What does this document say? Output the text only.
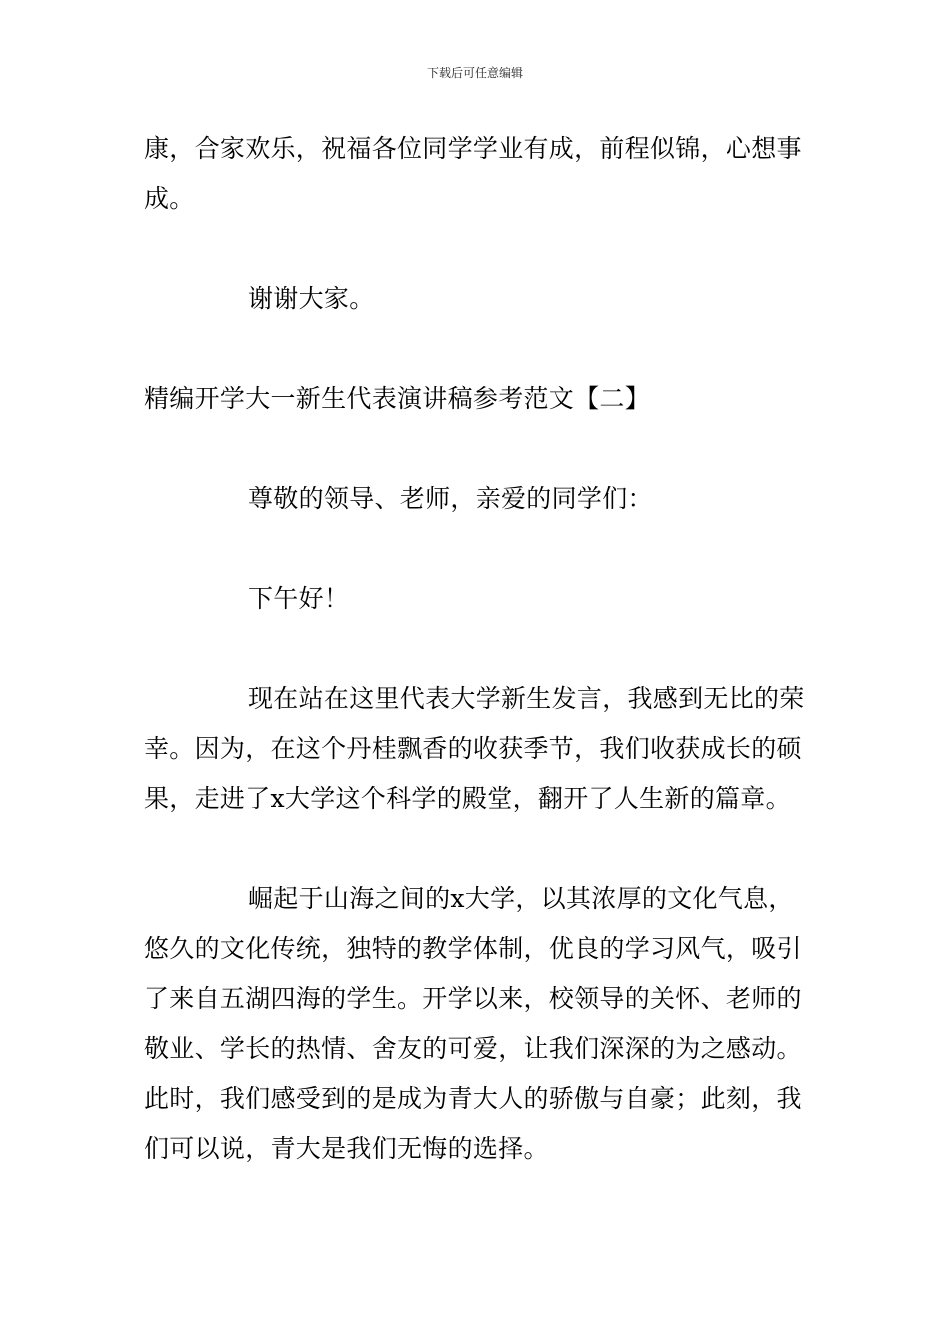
下载后可任意编辑

康，合家欢乐，祝福各位同学学业有成，前程似锦，心想事成。

谢谢大家。

精编开学大一新生代表演讲稿参考范文【二】

尊敬的领导、老师，亲爱的同学们：

下午好！

现在站在这里代表大学新生发言，我感到无比的荣幸。因为，在这个丹桂飘香的收获季节，我们收获成长的硕果，走进了x大学这个科学的殿堂，翻开了人生新的篇章。

崛起于山海之间的x大学，以其浓厚的文化气息，悠久的文化传统，独特的教学体制，优良的学习风气，吸引了来自五湖四海的学生。开学以来，校领导的关怀、老师的敬业、学长的热情、舍友的可爱，让我们深深的为之感动。此时，我们感受到的是成为青大人的骄傲与自豪；此刻，我们可以说，青大是我们无悔的选择。
